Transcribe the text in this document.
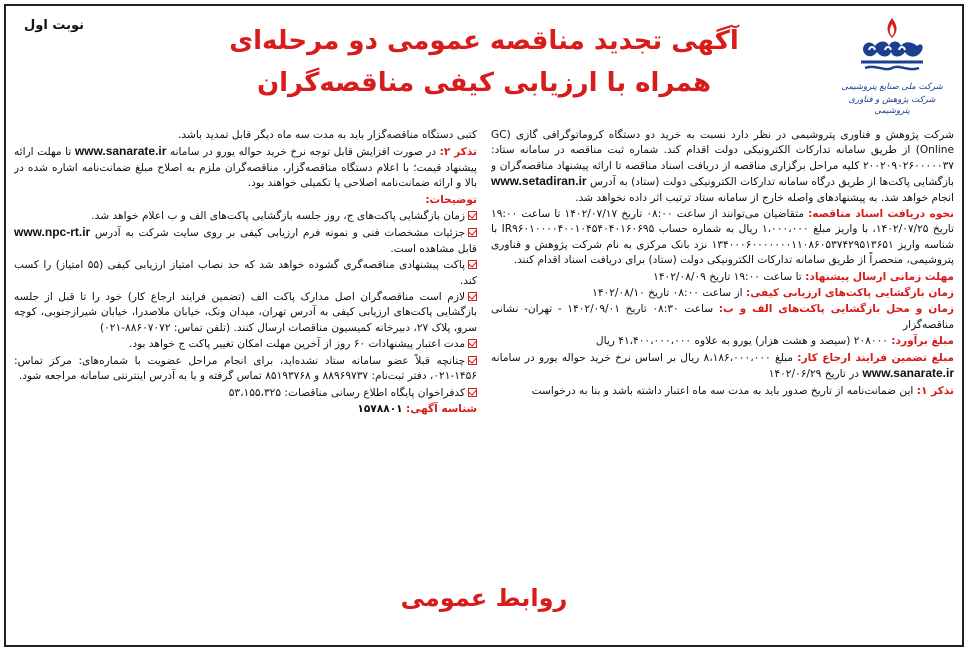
شرکت ملی صنایع پتروشیمی
شرکت پژوهش و فناوری پتروشیمی
آگهی تجدید مناقصه عمومی دو مرحله‌ای
همراه با ارزیابی کیفی مناقصه‌گران
نوبت اول

شرکت پژوهش و فناوری پتروشیمی در نظر دارد نسبت به خرید دو دستگاه کروماتوگرافی گازی (GC Online) از طریق سامانه تدارکات الکترونیکی دولت اقدام کند. شماره ثبت مناقصه در سامانه ستاد: ۲۰۰۲۰۹۰۲۶۰۰۰۰۰۳۷ کلیه مراحل برگزاری مناقصه از دریافت اسناد مناقصه تا ارائه پیشنهاد مناقصه‌گران و بازگشایی پاکت‌ها از طریق درگاه سامانه تدارکات الکترونیکی دولت (ستاد) به آدرس www.setadiran.ir انجام خواهد شد. به پیشنهادهای واصله خارج از سامانه ستاد ترتیب اثر داده نخواهد شد.

نحوه دریافت اسناد مناقصه: متقاضیان می‌توانند از ساعت ۰۸:۰۰ تاریخ ۱۴۰۲/۰۷/۱۷ تا ساعت ۱۹:۰۰ تاریخ ۱۴۰۲/۰۷/۲۵، با واریز مبلغ ۱،۰۰۰،۰۰۰ ریال به شماره حساب IR۹۶۰۱۰۰۰۰۴۰۰۱۰۴۵۴۰۴۰۱۶۰۶۹۵ با شناسه واریز ۱۳۴۰۰۰۶۰۰۰۰۰۰۰۱۱۰۸۶۰۵۳۷۴۲۹۵۱۳۶۵۱ نزد بانک مرکزی به نام شرکت پژوهش و فناوری پتروشیمی، منحصراً از طریق سامانه تدارکات الکترونیکی دولت (ستاد) برای دریافت اسناد اقدام کنند.

مهلت زمانی ارسال پیشنهاد: تا ساعت ۱۹:۰۰ تاریخ ۱۴۰۲/۰۸/۰۹

زمان بازگشایی پاکت‌های ارزیابی کیفی: از ساعت ۰۸:۰۰ تاریخ ۱۴۰۲/۰۸/۱۰

زمان و محل بازگشایی پاکت‌های الف و ب: ساعت ۰۸:۳۰ تاریخ ۱۴۰۲/۰۹/۰۱ - تهران- نشانی مناقصه‌گزار

مبلغ برآورد: ۲۰۸۰۰۰ (سیصد و هشت هزار) یورو به علاوه ۴۱،۴۰۰،۰۰۰،۰۰۰ ریال

مبلغ تضمین فرایند ارجاع کار: مبلغ ۸،۱۸۶،۰۰۰،۰۰۰ ریال بر اساس نرخ خرید حواله یورو در سامانه www.sanarate.ir در تاریخ ۱۴۰۲/۰۶/۲۹

تذکر ۱: این ضمانت‌نامه از تاریخ صدور باید به مدت سه ماه اعتبار داشته باشد و بنا به درخواست

کتبی دستگاه مناقصه‌گزار باید به مدت سه ماه دیگر قابل تمدید باشد.

تذکر ۲: در صورت افزایش قابل توجه نرخ خرید حواله یورو در سامانه www.sanarate.ir تا مهلت ارائه پیشنهاد قیمت؛ با اعلام دستگاه مناقصه‌گزار، مناقصه‌گران ملزم به اصلاح مبلغ ضمانت‌نامه اشاره شده در بالا و ارائه ضمانت‌نامه اصلاحی یا تکمیلی خواهند بود.

توضیحات:

زمان بازگشایی پاکت‌های ج، روز جلسه بازگشایی پاکت‌های الف و ب اعلام خواهد شد.

جزئیات مشخصات فنی و نمونه فرم ارزیابی کیفی بر روی سایت شرکت به آدرس www.npc-rt.ir قابل مشاهده است.

پاکت پیشنهادی مناقصه‌گری گشوده خواهد شد که حد نصاب امتیاز ارزیابی کیفی (۵۵ امتیاز) را کسب کند.

لازم است مناقصه‌گران اصل مدارک پاکت الف (تضمین فرایند ارجاع کار) خود را تا قبل از جلسه بازگشایی پاکت‌های ارزیابی کیفی به آدرس تهران، میدان ونک، خیابان ملاصدرا، خیابان شیرازجنوبی، کوچه سرو، پلاک ۲۷، دبیرخانه کمیسیون مناقصات ارسال کنند. (تلفن تماس: ۸۸۶۰۷۰۷۲-۰۲۱)

مدت اعتبار پیشنهادات ۶۰ روز از آخرین مهلت امکان تغییر پاکت ج خواهد بود.

چنانچه قبلاً عضو سامانه ستاد نشده‌اید، برای انجام مراحل عضویت با شماره‌های: مرکز تماس: ۱۴۵۶-۰۲۱، دفتر ثبت‌نام: ۸۸۹۶۹۷۳۷ و ۸۵۱۹۳۷۶۸ تماس گرفته و یا به آدرس اینترنتی سامانه مراجعه شود.

کدفراخوان پایگاه اطلاع رسانی مناقصات: ۵۳،۱۵۵،۳۲۵

شناسه آگهی: ۱۵۷۸۸۰۱

روابط عمومی
